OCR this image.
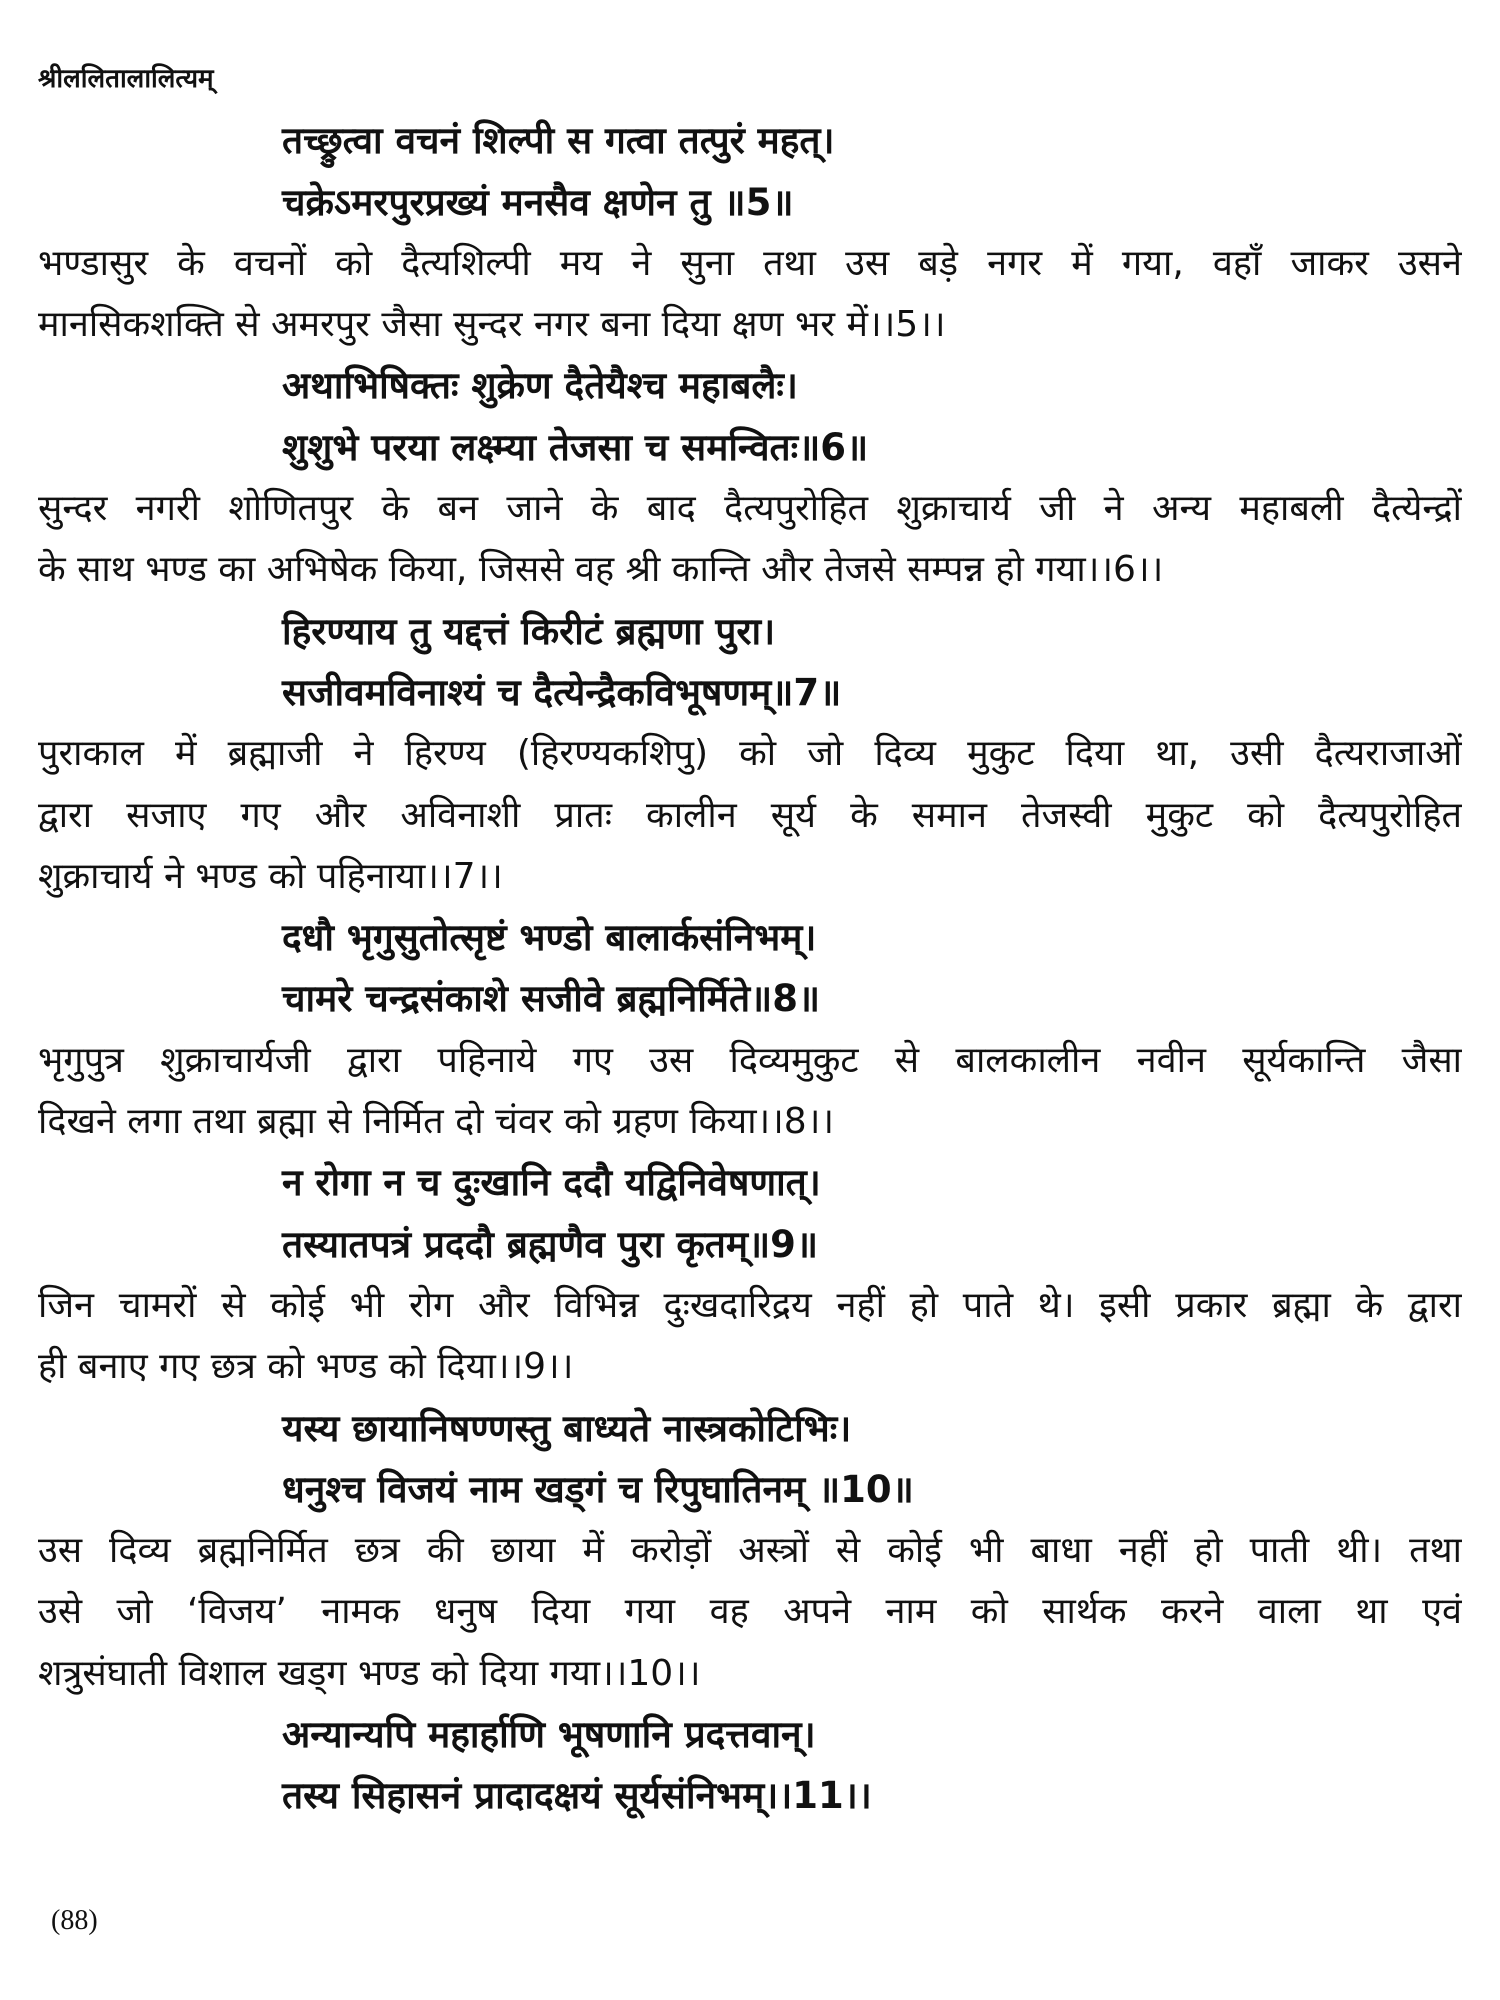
श्रीललितालालित्यम्
तच्छ्रुत्वा वचनं शिल्पी स गत्वा तत्पुरं महत्।
चक्रेऽमरपुरप्रख्यं मनसैव क्षणेन तु ॥5॥
भण्डासुर के वचनों को दैत्यशिल्पी मय ने सुना तथा उस बड़े नगर में गया, वहाँ जाकर उसने
मानसिकशक्ति से अमरपुर जैसा सुन्दर नगर बना दिया क्षण भर में।।5।।
अथाभिषिक्तः शुक्रेण दैतेयैश्च महाबलैः।
शुशुभे परया लक्ष्म्या तेजसा च समन्वितः॥6॥
सुन्दर नगरी शोणितपुर के बन जाने के बाद दैत्यपुरोहित शुक्राचार्य जी ने अन्य महाबली दैत्येन्द्रों
के साथ भण्ड का अभिषेक किया, जिससे वह श्री कान्ति और तेजसे सम्पन्न हो गया।।6।।
हिरण्याय तु यद्दत्तं किरीटं ब्रह्मणा पुरा।
सजीवमविनाश्यं च दैत्येन्द्रैकविभूषणम्॥7॥
पुराकाल में ब्रह्माजी ने हिरण्य (हिरण्यकशिपु) को जो दिव्य मुकुट दिया था, उसी दैत्यराजाओं
द्वारा सजाए गए और अविनाशी प्रातः कालीन सूर्य के समान तेजस्वी मुकुट को दैत्यपुरोहित
शुक्राचार्य ने भण्ड को पहिनाया।।7।।
दधौ भृगुसुतोत्सृष्टं भण्डो बालार्कसंनिभम्।
चामरे चन्द्रसंकाशे सजीवे ब्रह्मनिर्मिते॥8॥
भृगुपुत्र शुक्राचार्यजी द्वारा पहिनाये गए उस दिव्यमुकुट से बालकालीन नवीन सूर्यकान्ति जैसा
दिखने लगा तथा ब्रह्मा से निर्मित दो चंवर को ग्रहण किया।।8।।
न रोगा न च दुःखानि ददौ यद्विनिवेषणात्।
तस्यातपत्रं प्रददौ ब्रह्मणैव पुरा कृतम्॥9॥
जिन चामरों से कोई भी रोग और विभिन्न दुःखदारिद्रय नहीं हो पाते थे। इसी प्रकार ब्रह्मा के द्वारा
ही बनाए गए छत्र को भण्ड को दिया।।9।।
यस्य छायानिषण्णस्तु बाध्यते नास्त्रकोटिभिः।
धनुश्च विजयं नाम खड्गं च रिपुघातिनम् ॥10॥
उस दिव्य ब्रह्मनिर्मित छत्र की छाया में करोड़ों अस्त्रों से कोई भी बाधा नहीं हो पाती थी। तथा
उसे जो ‘विजय’ नामक धनुष दिया गया वह अपने नाम को सार्थक करने वाला था एवं
शत्रुसंघाती विशाल खड्ग भण्ड को दिया गया।।10।।
अन्यान्यपि महार्हाणि भूषणानि प्रदत्तवान्।
तस्य सिहासनं प्रादादक्षयं सूर्यसंनिभम्।।11।।
(88)
